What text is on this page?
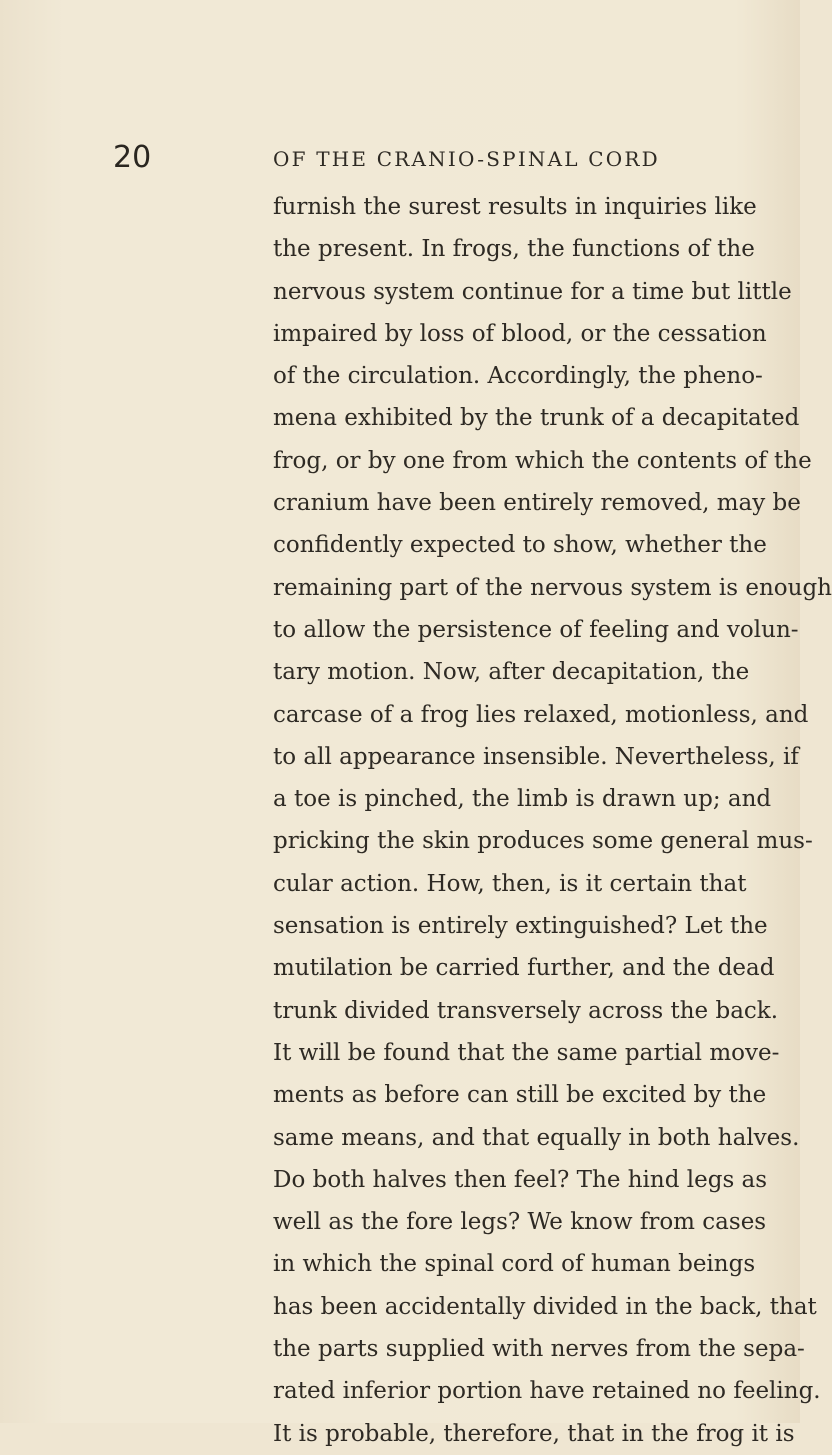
20	OF THE CRANIO-SPINAL CORD
furnish the surest results in inquiries like
the present. In frogs, the functions of the
nervous system continue for a time but little
impaired by loss of blood, or the cessation
of the circulation. Accordingly, the pheno-
mena exhibited by the trunk of a decapitated
frog, or by one from which the contents of the
cranium have been entirely removed, may be
confidently expected to show, whether the
remaining part of the nervous system is enough
to allow the persistence of feeling and volun-
tary motion. Now, after decapitation, the
carcase of a frog lies relaxed, motionless, and
to all appearance insensible. Nevertheless, if
a toe is pinched, the limb is drawn up; and
pricking the skin produces some general mus-
cular action. How, then, is it certain that
sensation is entirely extinguished? Let the
mutilation be carried further, and the dead
trunk divided transversely across the back.
It will be found that the same partial move-
ments as before can still be excited by the
same means, and that equally in both halves.
Do both halves then feel? The hind legs as
well as the fore legs? We know from cases
in which the spinal cord of human beings
has been accidentally divided in the back, that
the parts supplied with nerves from the sepa-
rated inferior portion have retained no feeling.
It is probable, therefore, that in the frog it is
